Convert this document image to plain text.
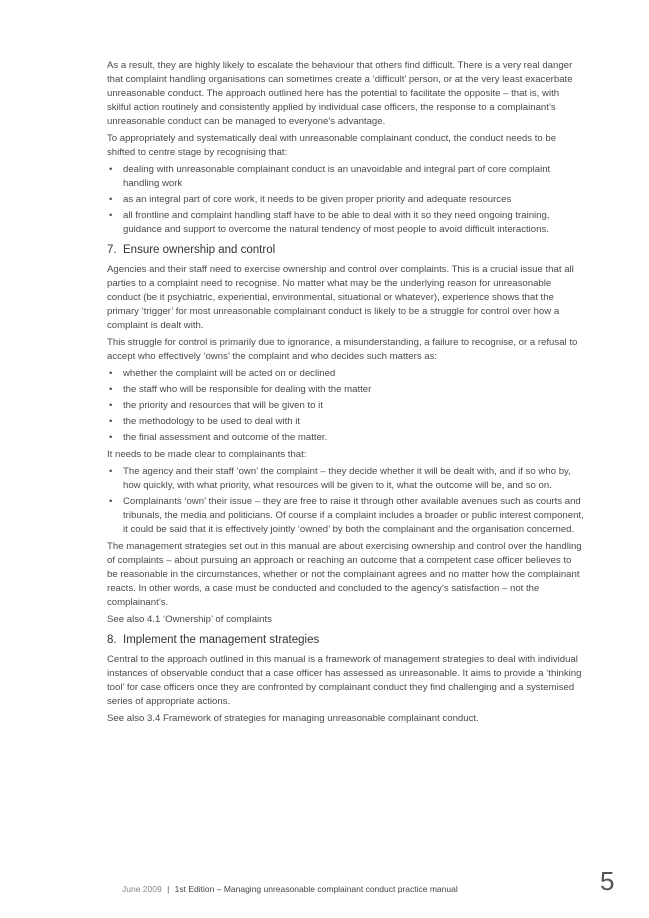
As a result, they are highly likely to escalate the behaviour that others find difficult. There is a very real danger that complaint handling organisations can sometimes create a ‘difficult’ person, or at the very least exacerbate unreasonable conduct. The approach outlined here has the potential to facilitate the opposite – that is, with skilful action routinely and consistently applied by individual case officers, the response to a complainant’s unreasonable conduct can be managed to everyone’s advantage.

To appropriately and systematically deal with unreasonable complainant conduct, the conduct needs to be shifted to centre stage by recognising that:

• dealing with unreasonable complainant conduct is an unavoidable and integral part of core complaint handling work
• as an integral part of core work, it needs to be given proper priority and adequate resources
• all frontline and complaint handling staff have to be able to deal with it so they need ongoing training, guidance and support to overcome the natural tendency of most people to avoid difficult interactions.
7. Ensure ownership and control

Agencies and their staff need to exercise ownership and control over complaints. This is a crucial issue that all parties to a complaint need to recognise. No matter what may be the underlying reason for unreasonable conduct (be it psychiatric, experiential, environmental, situational or whatever), experience shows that the primary ‘trigger’ for most unreasonable complainant conduct is likely to be a struggle for control over how a complaint is dealt with.

This struggle for control is primarily due to ignorance, a misunderstanding, a failure to recognise, or a refusal to accept who effectively ‘owns’ the complaint and who decides such matters as:

• whether the complaint will be acted on or declined
• the staff who will be responsible for dealing with the matter
• the priority and resources that will be given to it
• the methodology to be used to deal with it
• the final assessment and outcome of the matter.

It needs to be made clear to complainants that:

• The agency and their staff ‘own’ the complaint – they decide whether it will be dealt with, and if so who by, how quickly, with what priority, what resources will be given to it, what the outcome will be, and so on.
• Complainants ‘own’ their issue – they are free to raise it through other available avenues such as courts and tribunals, the media and politicians. Of course if a complaint includes a broader or public interest component, it could be said that it is effectively jointly ‘owned’ by both the complainant and the organisation concerned.

The management strategies set out in this manual are about exercising ownership and control over the handling of complaints – about pursuing an approach or reaching an outcome that a competent case officer believes to be reasonable in the circumstances, whether or not the complainant agrees and no matter how the complainant reacts. In other words, a case must be conducted and concluded to the agency’s satisfaction – not the complainant’s.

See also 4.1 ‘Ownership’ of complaints

8. Implement the management strategies

Central to the approach outlined in this manual is a framework of management strategies to deal with individual instances of observable conduct that a case officer has assessed as unreasonable. It aims to provide a ‘thinking tool’ for case officers once they are confronted by complainant conduct they find challenging and a systemised series of appropriate actions.

See also 3.4 Framework of strategies for managing unreasonable complainant conduct.

June 2009 | 1st Edition – Managing unreasonable complainant conduct practice manual	5
